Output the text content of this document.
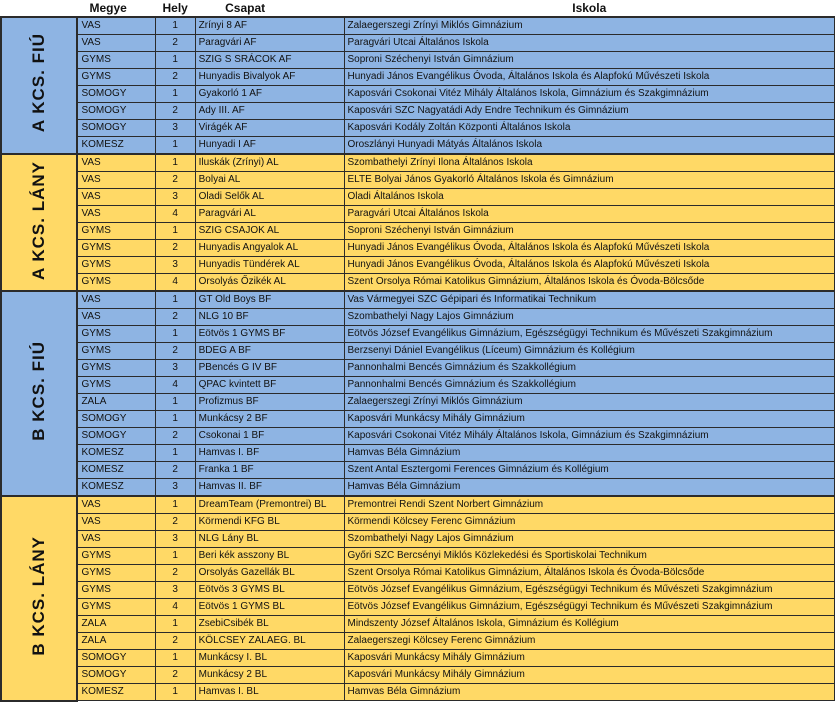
	Megye	Hely	Csapat	Iskola
A KCS. FIÚ	VAS	1	Zrínyi 8 AF	Zalaegerszegi Zrínyi Miklós Gimnázium
	VAS	2	Paragvári AF	Paragvári Utcai Általános Iskola
	GYMS	1	SZIG S SRÁCOK AF	Soproni Széchenyi István Gimnázium
	GYMS	2	Hunyadis Bivalyok AF	Hunyadi János Evangélikus Óvoda, Általános Iskola és Alapfokú Művészeti Iskola
	SOMOGY	1	Gyakorló 1 AF	Kaposvári Csokonai Vitéz Mihály Általános Iskola, Gimnázium és Szakgimnázium
	SOMOGY	2	Ady III. AF	Kaposvári SZC Nagyatádi Ady Endre Technikum és Gimnázium
	SOMOGY	3	Virágék AF	Kaposvári Kodály Zoltán Központi Általános Iskola
	KOMESZ	1	Hunyadi I AF	Oroszlányi Hunyadi Mátyás Általános Iskola
A KCS. LÁNY	VAS	1	Iluskák (Zrínyi) AL	Szombathelyi Zrínyi Ilona Általános Iskola
	VAS	2	Bolyai AL	ELTE Bolyai János Gyakorló Általános Iskola és Gimnázium
	VAS	3	Oladi Selők AL	Oladi Általános Iskola
	VAS	4	Paragvári AL	Paragvári Utcai Általános Iskola
	GYMS	1	SZIG CSAJOK AL	Soproni Széchenyi István Gimnázium
	GYMS	2	Hunyadis Angyalok AL	Hunyadi János Evangélikus Óvoda, Általános Iskola és Alapfokú Művészeti Iskola
	GYMS	3	Hunyadis Tündérek AL	Hunyadi János Evangélikus Óvoda, Általános Iskola és Alapfokú Művészeti Iskola
	GYMS	4	Orsolyás Őzikék AL	Szent Orsolya Római Katolikus Gimnázium, Általános Iskola és Óvoda-Bölcsőde
B KCS. FIÚ	VAS	1	GT Old Boys BF	Vas Vármegyei SZC Gépipari és Informatikai Technikum
	VAS	2	NLG 10 BF	Szombathelyi Nagy Lajos Gimnázium
	GYMS	1	Eötvös 1 GYMS BF	Eötvös József Evangélikus Gimnázium, Egészségügyi Technikum és Művészeti Szakgimnázium
	GYMS	2	BDEG A BF	Berzsenyi Dániel Evangélikus (Líceum) Gimnázium és Kollégium
	GYMS	3	PBencés G IV BF	Pannonhalmi Bencés Gimnázium és Szakkollégium
	GYMS	4	QPAC kvintett BF	Pannonhalmi Bencés Gimnázium és Szakkollégium
	ZALA	1	Profizmus BF	Zalaegerszegi Zrínyi Miklós Gimnázium
	SOMOGY	1	Munkácsy 2 BF	Kaposvári Munkácsy Mihály Gimnázium
	SOMOGY	2	Csokonai 1 BF	Kaposvári Csokonai Vitéz Mihály Általános Iskola, Gimnázium és Szakgimnázium
	KOMESZ	1	Hamvas I. BF	Hamvas Béla Gimnázium
	KOMESZ	2	Franka 1 BF	Szent Antal Esztergomi Ferences Gimnázium és Kollégium
	KOMESZ	3	Hamvas II. BF	Hamvas Béla Gimnázium
B KCS. LÁNY	VAS	1	DreamTeam (Premontrei) BL	Premontrei Rendi Szent Norbert Gimnázium
	VAS	2	Körmendi KFG BL	Körmendi Kölcsey Ferenc Gimnázium
	VAS	3	NLG Lány BL	Szombathelyi Nagy Lajos Gimnázium
	GYMS	1	Beri kék asszony BL	Győri SZC Bercsényi Miklós Közlekedési és Sportiskolai Technikum
	GYMS	2	Orsolyás Gazellák BL	Szent Orsolya Római Katolikus Gimnázium, Általános Iskola és Óvoda-Bölcsőde
	GYMS	3	Eötvös 3 GYMS BL	Eötvös József Evangélikus Gimnázium, Egészségügyi Technikum és Művészeti Szakgimnázium
	GYMS	4	Eötvös 1 GYMS BL	Eötvös József Evangélikus Gimnázium, Egészségügyi Technikum és Művészeti Szakgimnázium
	ZALA	1	ZsebiCsibék BL	Mindszenty József Általános Iskola, Gimnázium és Kollégium
	ZALA	2	KÖLCSEY ZALAEG. BL	Zalaegerszegi Kölcsey Ferenc Gimnázium
	SOMOGY	1	Munkácsy I. BL	Kaposvári Munkácsy Mihály Gimnázium
	SOMOGY	2	Munkácsy 2 BL	Kaposvári Munkácsy Mihály Gimnázium
	KOMESZ	1	Hamvas I. BL	Hamvas Béla Gimnázium
